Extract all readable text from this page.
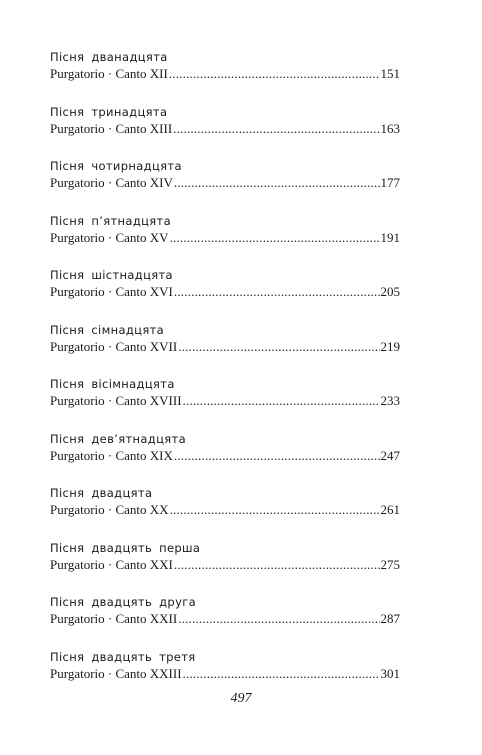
Пісня дванадцята
Purgatorio · Canto XII .....	151
Пісня тринадцята
Purgatorio · Canto XIII .....	163
Пісня чотирнадцята
Purgatorio · Canto XIV .....	177
Пісня п’ятнадцята
Purgatorio · Canto XV .....	191
Пісня шістнадцята
Purgatorio · Canto XVI .....	205
Пісня сімнадцята
Purgatorio · Canto XVII .....	219
Пісня вісімнадцята
Purgatorio · Canto XVIII .....	233
Пісня дев’ятнадцята
Purgatorio · Canto XIX .....	247
Пісня двадцята
Purgatorio · Canto XX .....	261
Пісня двадцять перша
Purgatorio · Canto XXI .....	275
Пісня двадцять друга
Purgatorio · Canto XXII .....	287
Пісня двадцять третя
Purgatorio · Canto XXIII .....	301
497
